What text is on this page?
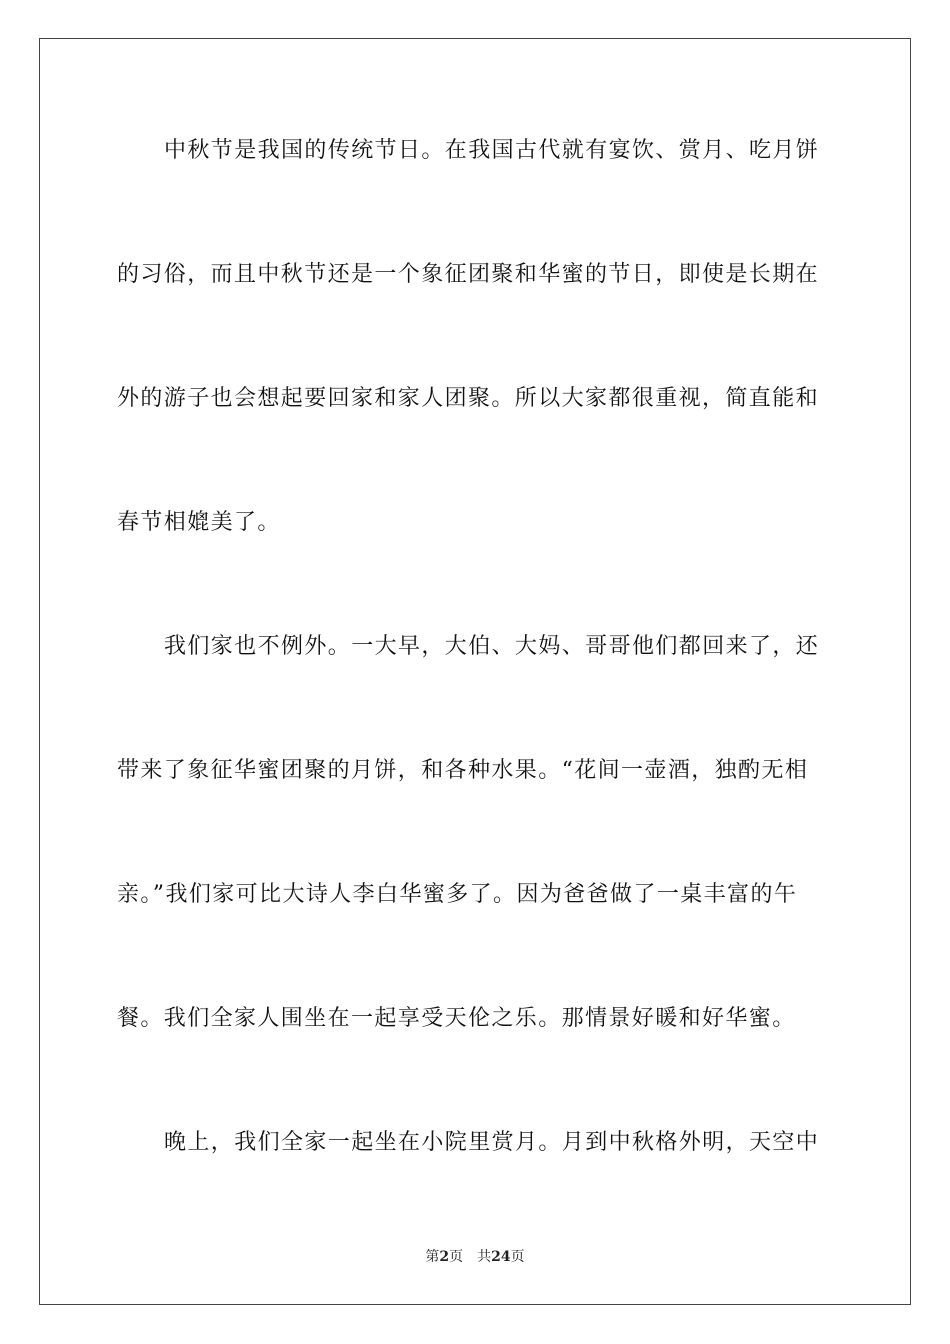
中秋节是我国的传统节日。在我国古代就有宴饮、赏月、吃月饼
的习俗，而且中秋节还是一个象征团聚和华蜜的节日，即使是长期在
外的游子也会想起要回家和家人团聚。所以大家都很重视，简直能和
春节相媲美了。
我们家也不例外。一大早，大伯、大妈、哥哥他们都回来了，还
带来了象征华蜜团聚的月饼，和各种水果。“花间一壶酒，独酌无相
亲。”我们家可比大诗人李白华蜜多了。因为爸爸做了一桌丰富的午
餐。我们全家人围坐在一起享受天伦之乐。那情景好暖和好华蜜。
晚上，我们全家一起坐在小院里赏月。月到中秋格外明，天空中
第2页 共24页
